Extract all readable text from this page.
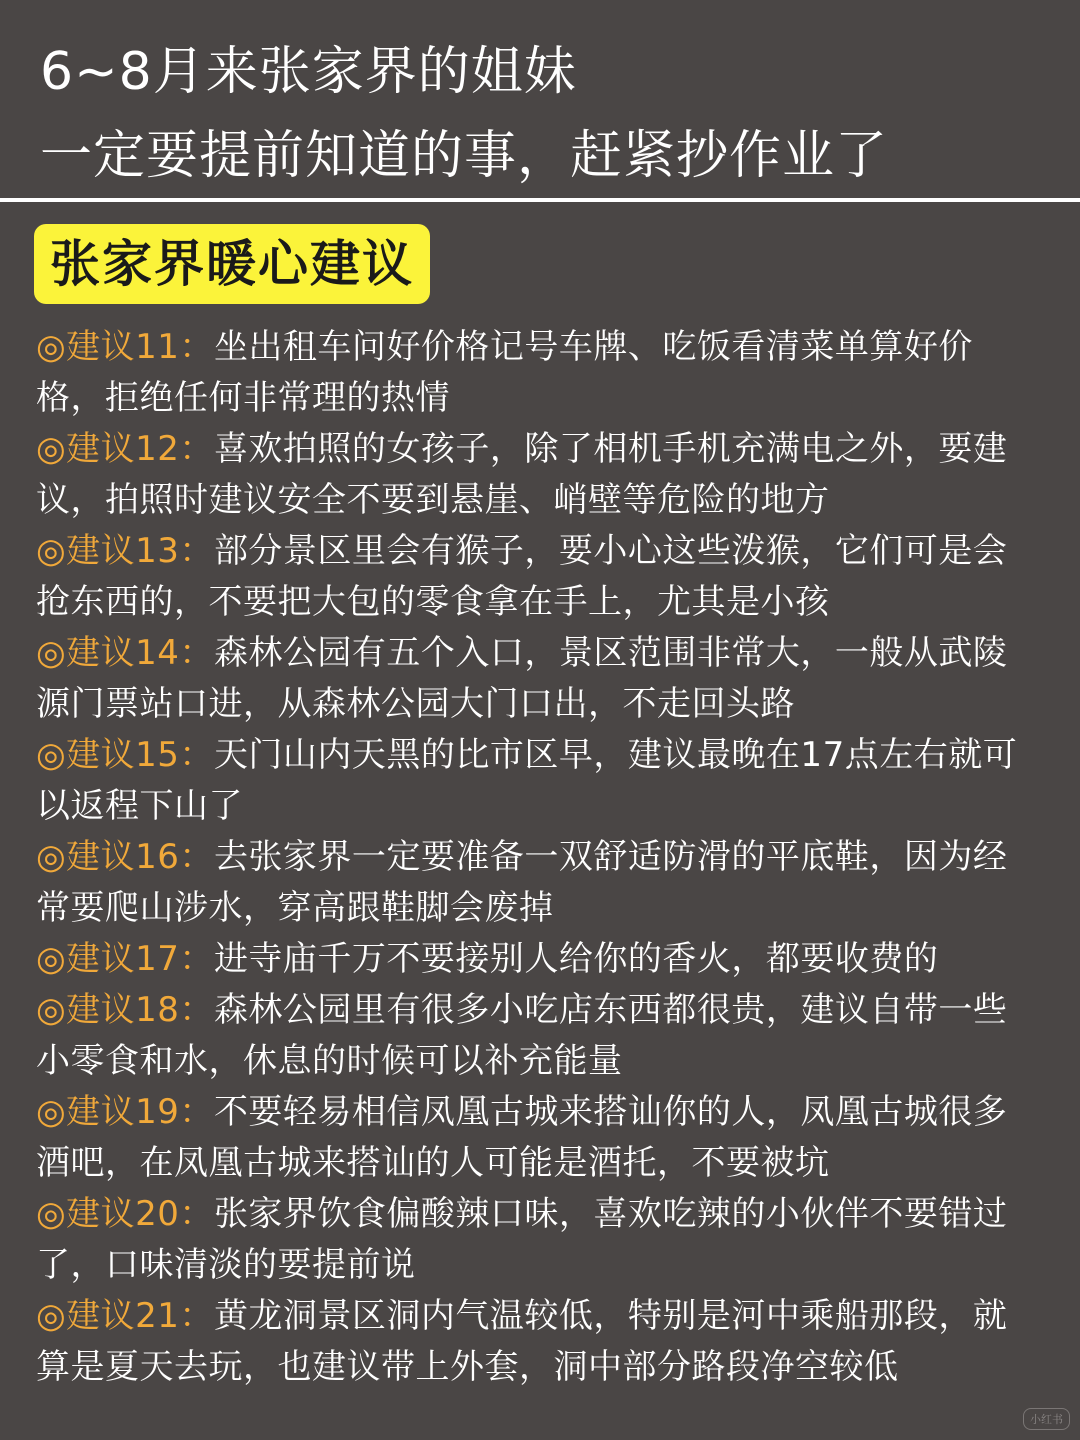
6~8月来张家界的姐妹
一定要提前知道的事，赶紧抄作业了
张家界暖心建议
◎建议11：坐出租车问好价格记号车牌、吃饭看清菜单算好价格，拒绝任何非常理的热情
◎建议12：喜欢拍照的女孩子，除了相机手机充满电之外，要建议，拍照时建议安全不要到悬崖、峭壁等危险的地方
◎建议13：部分景区里会有猴子，要小心这些泼猴，它们可是会抢东西的，不要把大包的零食拿在手上，尤其是小孩
◎建议14：森林公园有五个入口，景区范围非常大，一般从武陵源门票站口进，从森林公园大门口出，不走回头路
◎建议15：天门山内天黑的比市区早，建议最晚在17点左右就可以返程下山了
◎建议16：去张家界一定要准备一双舒适防滑的平底鞋，因为经常要爬山涉水，穿高跟鞋脚会废掉
◎建议17：进寺庙千万不要接别人给你的香火，都要收费的
◎建议18：森林公园里有很多小吃店东西都很贵，建议自带一些小零食和水，休息的时候可以补充能量
◎建议19：不要轻易相信凤凰古城来搭讪你的人，凤凰古城很多酒吧，在凤凰古城来搭讪的人可能是酒托，不要被坑
◎建议20：张家界饮食偏酸辣口味，喜欢吃辣的小伙伴不要错过了，口味清淡的要提前说
◎建议21：黄龙洞景区洞内气温较低，特别是河中乘船那段，就算是夏天去玩，也建议带上外套，洞中部分路段净空较低
小红书
